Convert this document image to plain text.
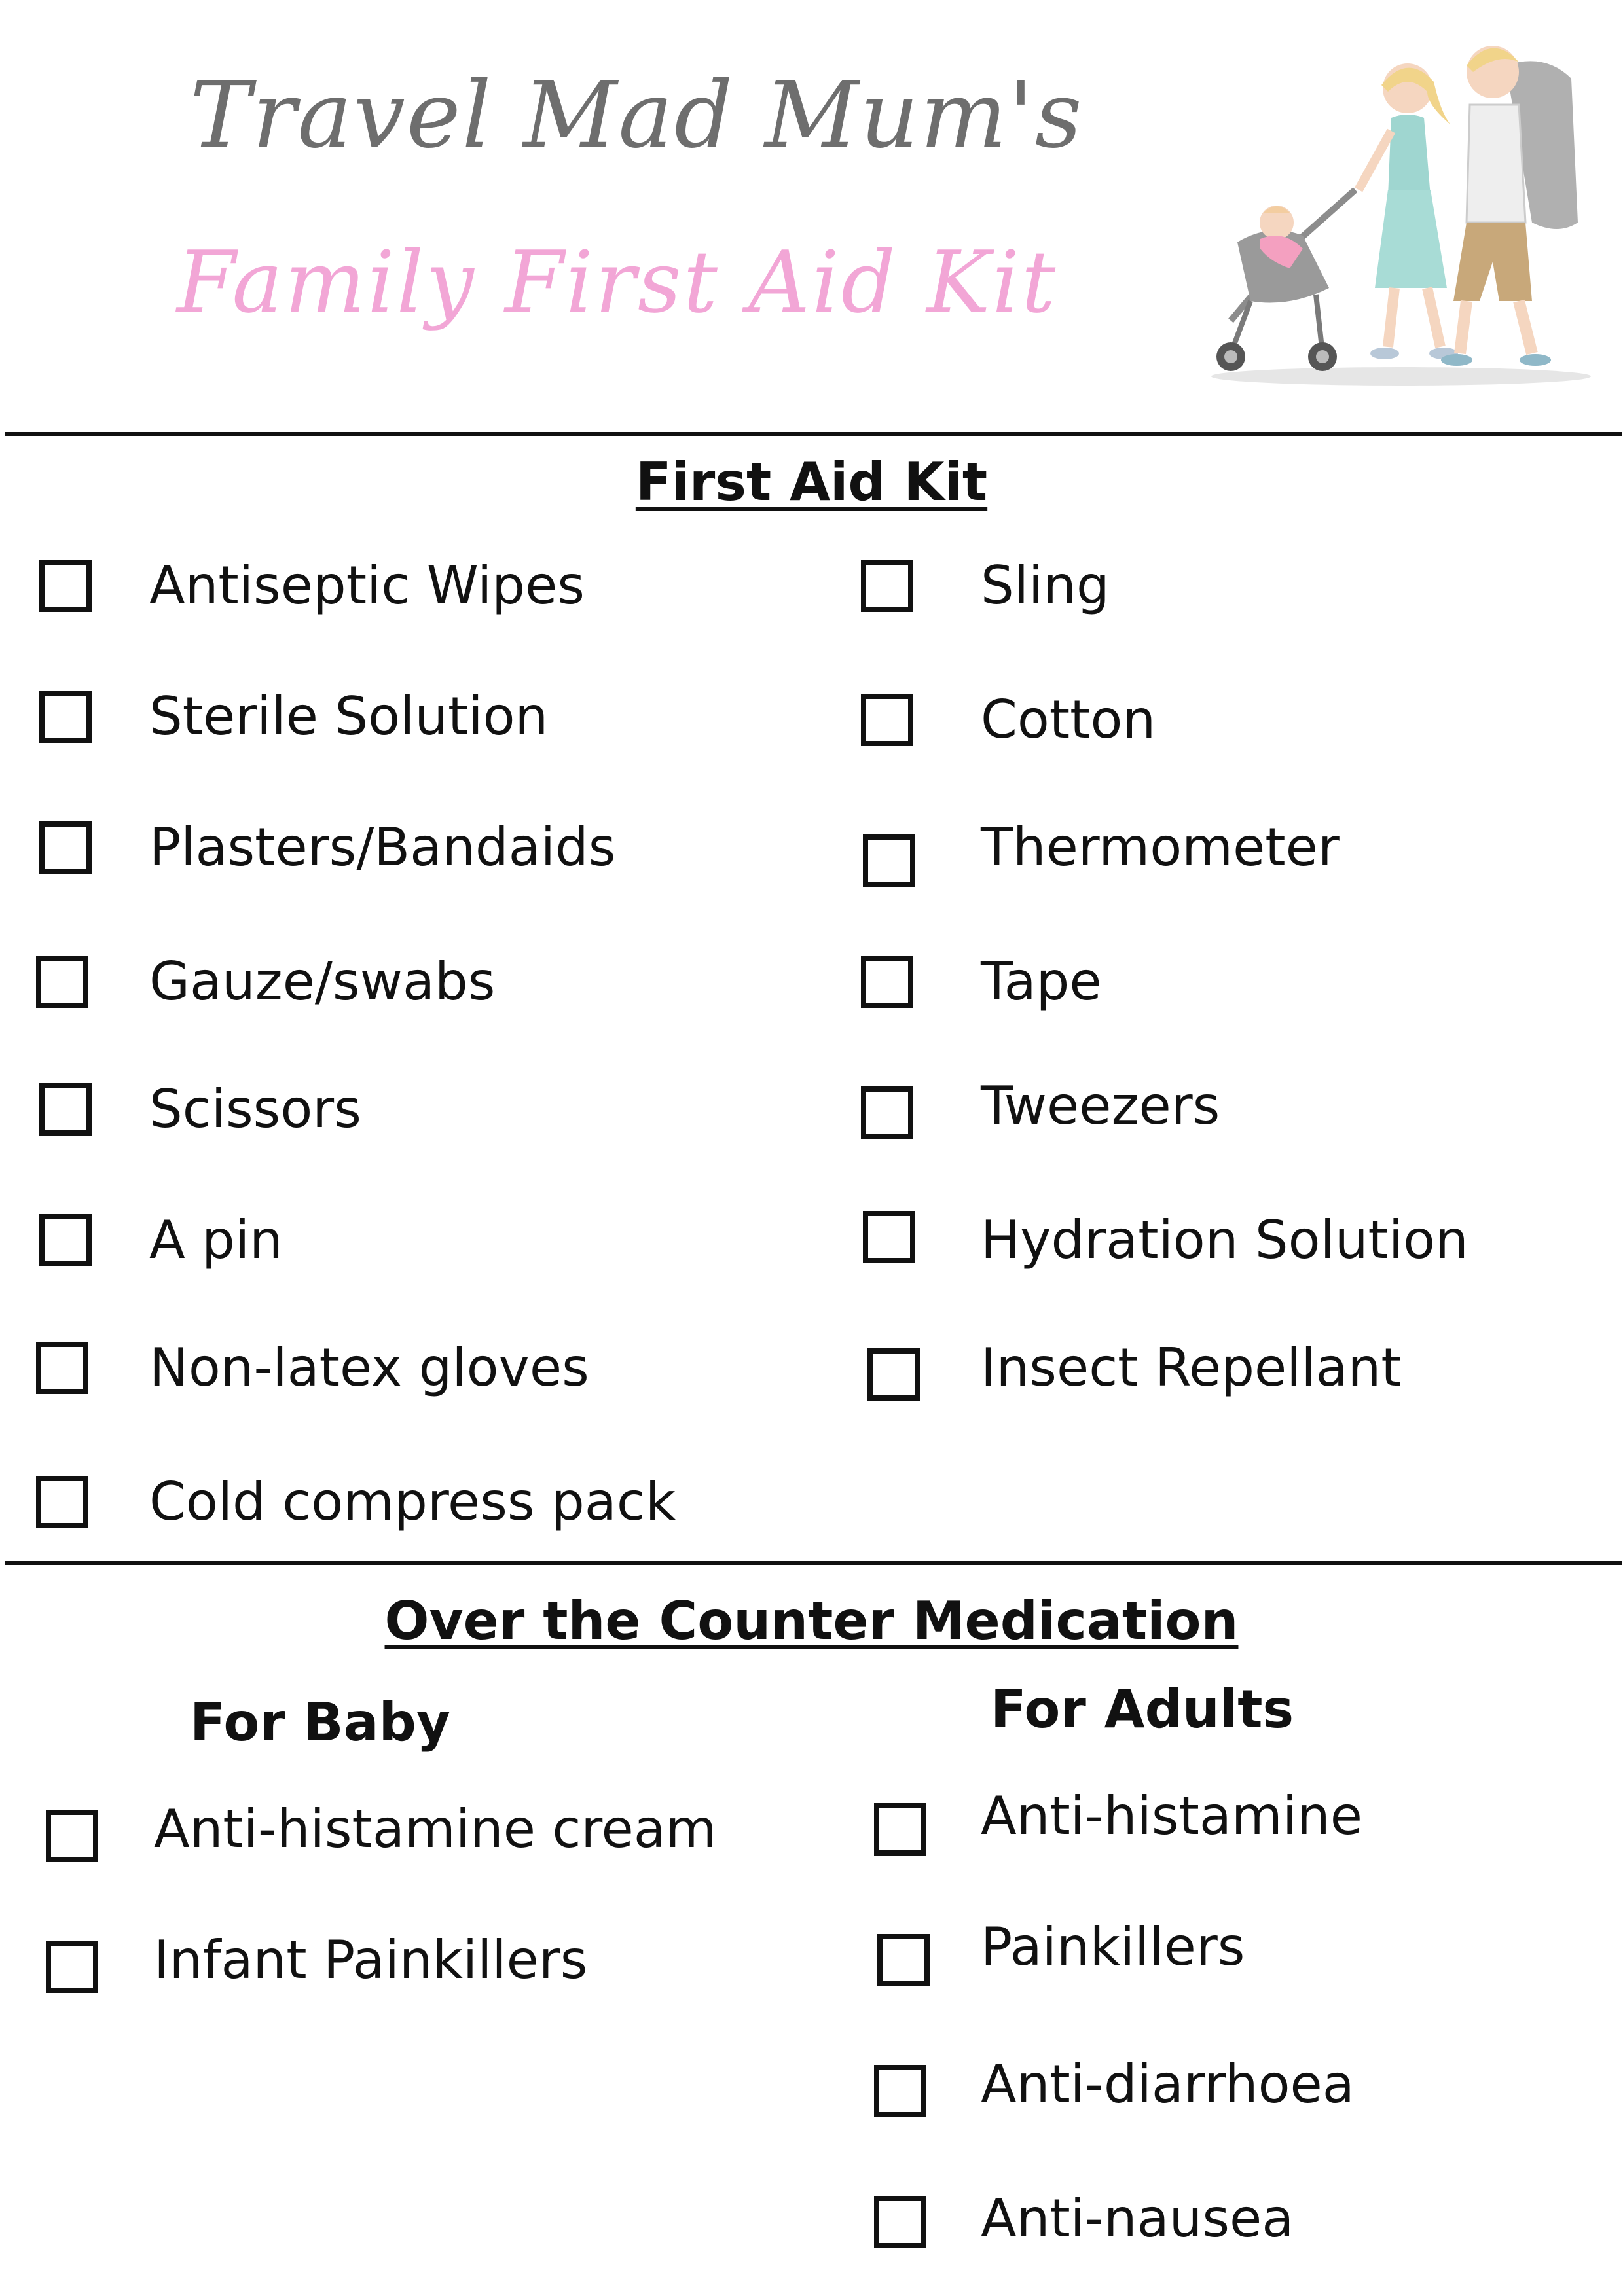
Travel Mad Mum's
Family First Aid Kit
First Aid Kit
Antiseptic Wipes
Sterile Solution
Plasters/Bandaids
Gauze/swabs
Scissors
A pin
Non-latex gloves
Cold compress pack
Sling
Cotton
Thermometer
Tape
Tweezers
Hydration Solution
Insect Repellant
Over the Counter Medication
For Baby	For Adults
Anti-histamine cream
Infant Painkillers
Anti-histamine
Painkillers
Anti-diarrhoea
Anti-nausea
